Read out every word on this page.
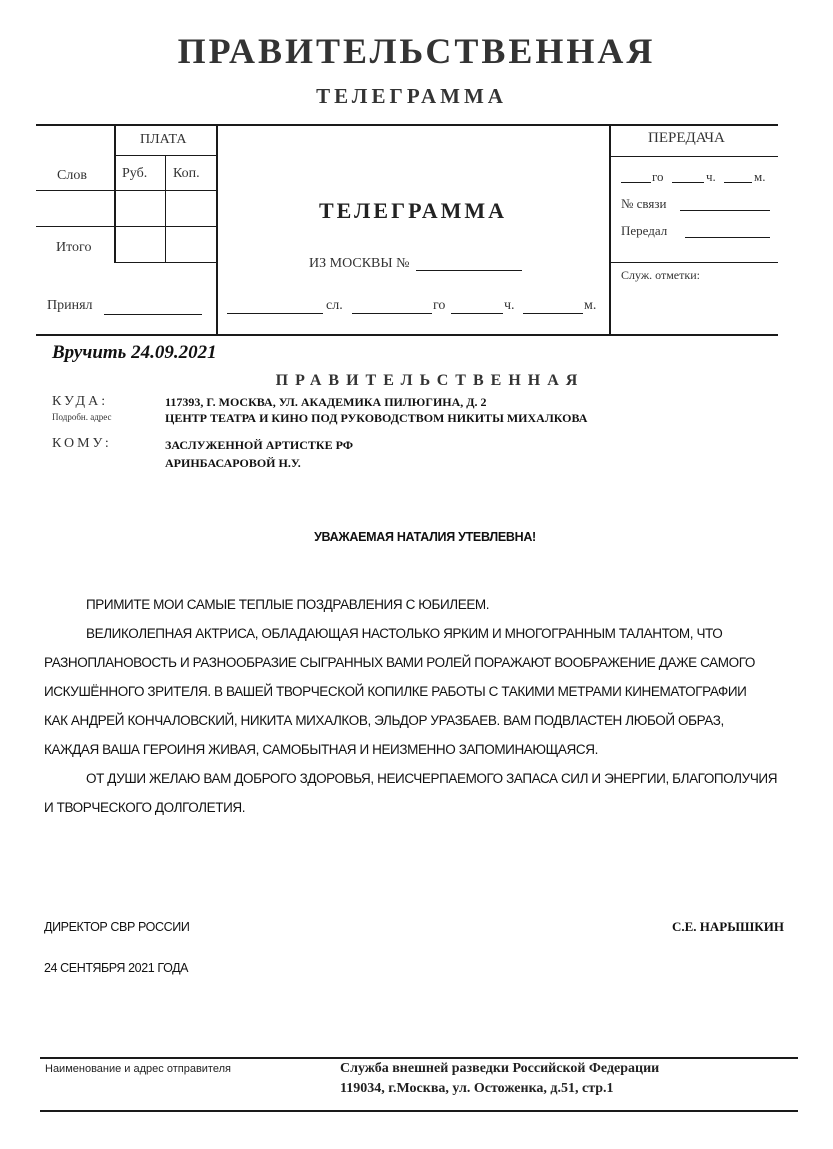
ПРАВИТЕЛЬСТВЕННАЯ
ТЕЛЕГРАММА
ПЛАТА
Слов	Руб. Коп.
Итого
Принял
ТЕЛЕГРАММА
ИЗ МОСКВЫ №
сл.	го	ч.	м.
ПЕРЕДАЧА
го	ч.	м.
№ связи
Передал
Служ. отметки:
Вручить 24.09.2021
ПРАВИТЕЛЬСТВЕННАЯ
КУДА:
Подробн. адрес
117393, Г. МОСКВА, УЛ. АКАДЕМИКА ПИЛЮГИНА, Д. 2
ЦЕНТР ТЕАТРА И КИНО ПОД РУКОВОДСТВОМ НИКИТЫ МИХАЛКОВА
КОМУ:	ЗАСЛУЖЕННОЙ АРТИСТКЕ РФ
АРИНБАСАРОВОЙ Н.У.
УВАЖАЕМАЯ НАТАЛИЯ УТЕВЛЕВНА!
ПРИМИТЕ МОИ САМЫЕ ТЕПЛЫЕ ПОЗДРАВЛЕНИЯ С ЮБИЛЕЕМ.
ВЕЛИКОЛЕПНАЯ АКТРИСА, ОБЛАДАЮЩАЯ НАСТОЛЬКО ЯРКИМ И МНОГОГРАННЫМ ТАЛАНТОМ, ЧТО
РАЗНОПЛАНОВОСТЬ И РАЗНООБРАЗИЕ СЫГРАННЫХ ВАМИ РОЛЕЙ ПОРАЖАЮТ ВООБРАЖЕНИЕ ДАЖЕ САМОГО
ИСКУШЁННОГО ЗРИТЕЛЯ. В ВАШЕЙ ТВОРЧЕСКОЙ КОПИЛКЕ РАБОТЫ С ТАКИМИ МЕТРАМИ КИНЕМАТОГРАФИИ
КАК АНДРЕЙ КОНЧАЛОВСКИЙ, НИКИТА МИХАЛКОВ, ЭЛЬДОР УРАЗБАЕВ. ВАМ ПОДВЛАСТЕН ЛЮБОЙ ОБРАЗ,
КАЖДАЯ ВАША ГЕРОИНЯ ЖИВАЯ, САМОБЫТНАЯ И НЕИЗМЕННО ЗАПОМИНАЮЩАЯСЯ.
ОТ ДУШИ ЖЕЛАЮ ВАМ ДОБРОГО ЗДОРОВЬЯ, НЕИСЧЕРПАЕМОГО ЗАПАСА СИЛ И ЭНЕРГИИ, БЛАГОПОЛУЧИЯ
И ТВОРЧЕСКОГО ДОЛГОЛЕТИЯ.
ДИРЕКТОР СВР РОССИИ	С.Е. НАРЫШКИН
24 СЕНТЯБРЯ 2021 ГОДА
Наименование и адрес отправителя	Служба внешней разведки Российской Федерации
119034, г.Москва, ул. Остоженка, д.51, стр.1
